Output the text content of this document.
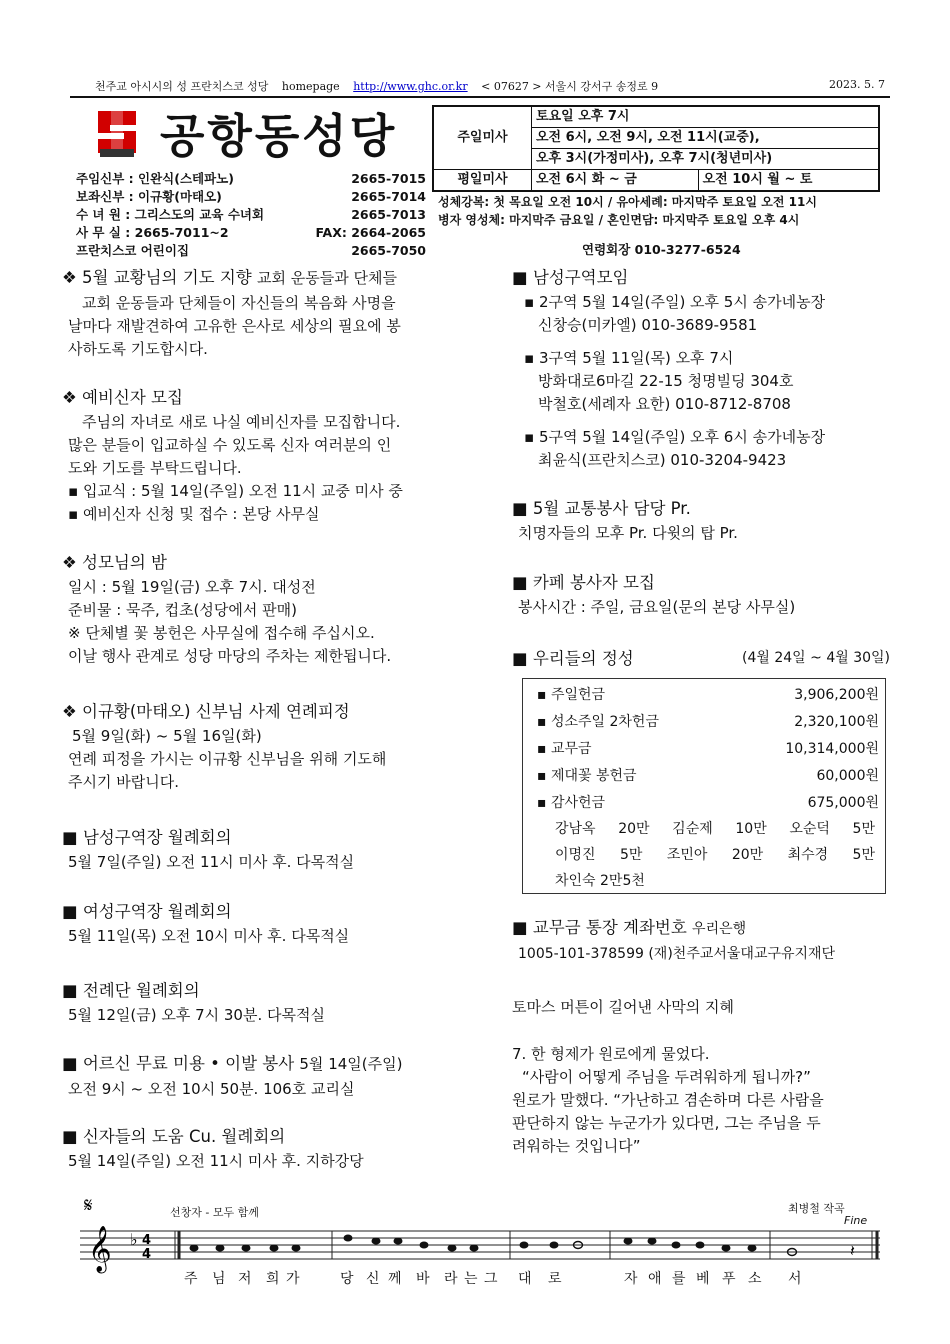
천주교 아시시의 성 프란치스코 성당 homepage http://www.ghc.or.kr < 07627 > 서울시 강서구 송정로 9	2023. 5. 7
공항동성당
주임신부 : 인완식(스테파노)	2665-7015
보좌신부 : 이규황(마태오)	2665-7014
수 녀 원 : 그리스도의 교육 수녀회	2665-7013
사 무 실 : 2665-7011~2	FAX: 2664-2065
프란치스코 어린이집	2665-7050
주일미사	토요일 오후 7시	
	오전 6시, 오전 9시, 오전 11시(교중),	
	오후 3시(가정미사), 오후 7시(청년미사)	
평일미사	오전 6시 화 ~ 금	오전 10시 월 ~ 토
성체강복: 첫 목요일 오전 10시 / 유아세례: 마지막주 토요일 오전 11시
병자 영성체: 마지막주 금요일 / 혼인면담: 마지막주 토요일 오후 4시
연령회장 010-3277-6524
❖ 5월 교황님의 기도 지향 교회 운동들과 단체들
교회 운동들과 단체들이 자신들의 복음화 사명을
날마다 재발견하여 고유한 은사로 세상의 필요에 봉
사하도록 기도합시다.
❖ 예비신자 모집
주님의 자녀로 새로 나실 예비신자를 모집합니다.
많은 분들이 입교하실 수 있도록 신자 여러분의 인
도와 기도를 부탁드립니다.
▪ 입교식 : 5월 14일(주일) 오전 11시 교중 미사 중
▪ 예비신자 신청 및 접수 : 본당 사무실
❖ 성모님의 밤
일시 : 5월 19일(금) 오후 7시. 대성전
준비물 : 묵주, 컵초(성당에서 판매)
※ 단체별 꽃 봉헌은 사무실에 접수해 주십시오.
이날 행사 관계로 성당 마당의 주차는 제한됩니다.
❖ 이규황(마태오) 신부님 사제 연례피정
5월 9일(화) ~ 5월 16일(화)
연례 피정을 가시는 이규황 신부님을 위해 기도해
주시기 바랍니다.
■ 남성구역장 월례회의
5월 7일(주일) 오전 11시 미사 후. 다목적실
■ 여성구역장 월례회의
5월 11일(목) 오전 10시 미사 후. 다목적실
■ 전례단 월례회의
5월 12일(금) 오후 7시 30분. 다목적실
■ 어르신 무료 미용 • 이발 봉사 5월 14일(주일)
오전 9시 ~ 오전 10시 50분. 106호 교리실
■ 신자들의 도움 Cu. 월례회의
5월 14일(주일) 오전 11시 미사 후. 지하강당
■ 남성구역모임
▪ 2구역 5월 14일(주일) 오후 5시 송가네농장
신창승(미카엘) 010-3689-9581
▪ 3구역 5월 11일(목) 오후 7시
방화대로6마길 22-15 청명빌딩 304호
박철호(세례자 요한) 010-8712-8708
▪ 5구역 5월 14일(주일) 오후 6시 송가네농장
최윤식(프란치스코) 010-3204-9423
■ 5월 교통봉사 담당 Pr.
치명자들의 모후 Pr. 다윗의 탑 Pr.
■ 카페 봉사자 모집
봉사시간 : 주일, 금요일(문의 본당 사무실)
■ 우리들의 정성	(4월 24일 ~ 4월 30일)
▪ 주일헌금	3,906,200원
▪ 성소주일 2차헌금	2,320,100원
▪ 교무금	10,314,000원
▪ 제대꽃 봉헌금	60,000원
▪ 감사헌금	675,000원
강남옥 20만 김순제 10만 오순덕 5만
이명진 5만 조민아 20만 최수경 5만
차인숙 2만5천
■ 교무금 통장 계좌번호 우리은행
1005-101-378599 (재)천주교서울대교구유지재단
토마스 머튼이 길어낸 사막의 지혜
7. 한 형제가 원로에게 물었다.
“사람이 어떻게 주님을 두려워하게 됩니까?”
원로가 말했다. “가난하고 겸손하며 다른 사람을
판단하지 않는 누군가가 있다면, 그는 주님을 두
려워하는 것입니다”
선창자 - 모두 함께	최병철 작곡
Fine
𝄋
𝄞 ♭ 4
4	𝄽
주 님 저 희 가	당 신 께 바 라 는 그 대 로	자 애 를 베 푸 소 서
